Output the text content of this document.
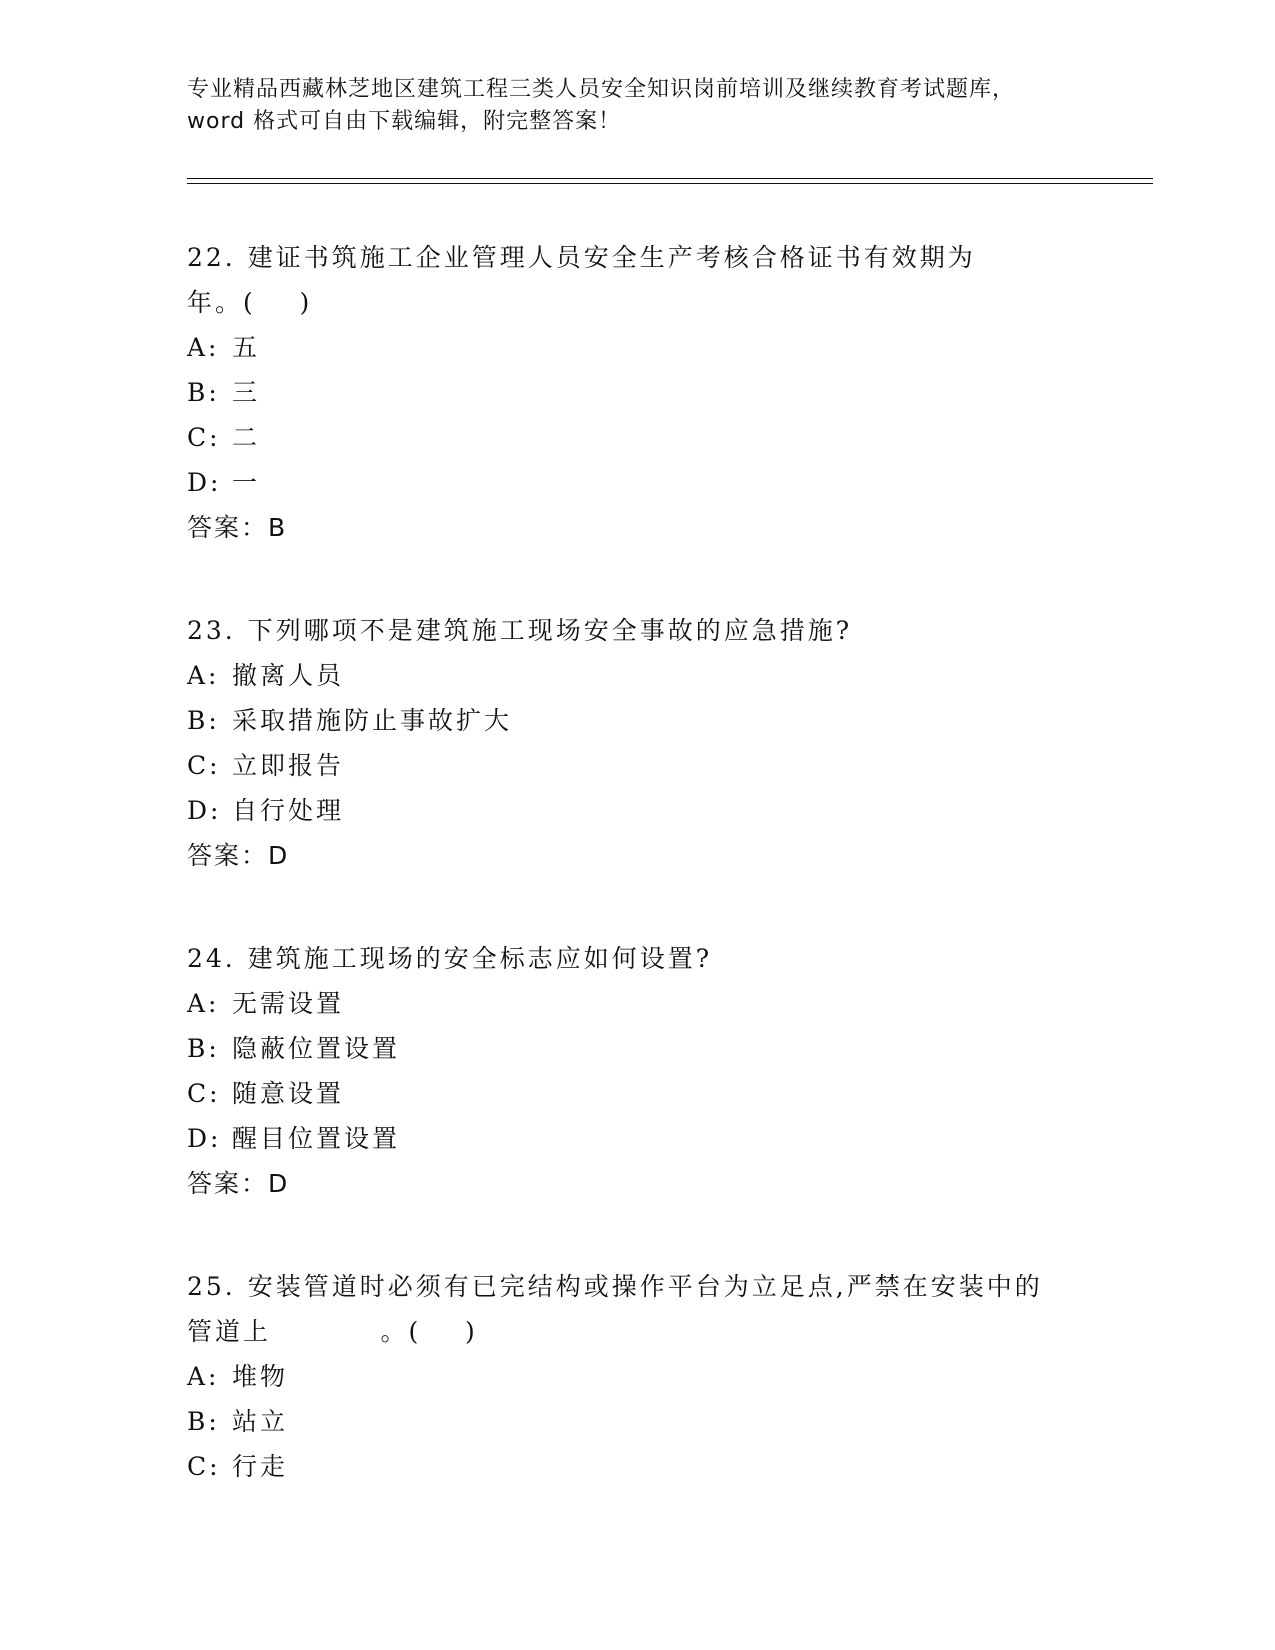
专业精品西藏林芝地区建筑工程三类人员安全知识岗前培训及继续教育考试题库，
word 格式可自由下载编辑，附完整答案！
22. 建证书筑施工企业管理人员安全生产考核合格证书有效期为
年。(    )
A: 五
B: 三
C: 二
D: 一
答案：B
23. 下列哪项不是建筑施工现场安全事故的应急措施?
A: 撤离人员
B: 采取措施防止事故扩大
C: 立即报告
D: 自行处理
答案：D
24. 建筑施工现场的安全标志应如何设置?
A: 无需设置
B: 隐蔽位置设置
C: 随意设置
D: 醒目位置设置
答案：D
25. 安装管道时必须有已完结构或操作平台为立足点,严禁在安装中的
管道上          。(    )
A: 堆物
B: 站立
C: 行走
